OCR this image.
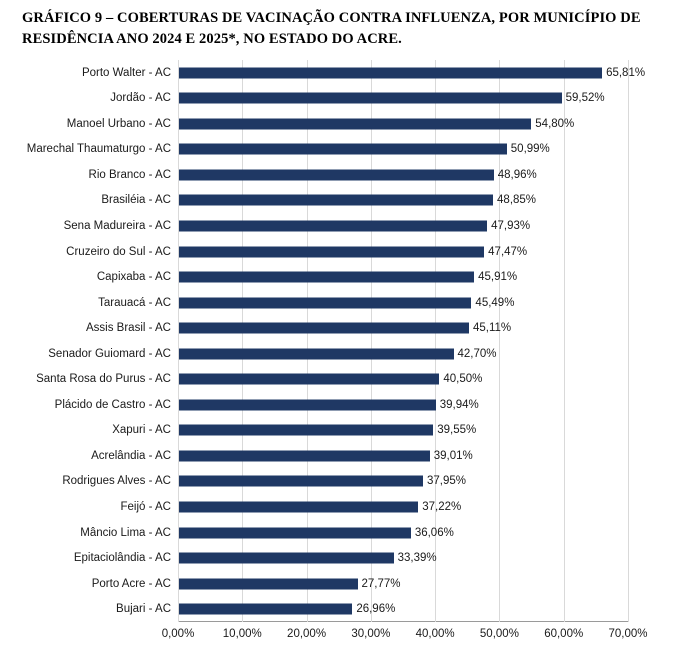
GRÁFICO 9 – COBERTURAS DE VACINAÇÃO CONTRA INFLUENZA, POR MUNICÍPIO DE RESIDÊNCIA ANO 2024 E 2025*, NO ESTADO DO ACRE.
0,00% 10,00% 20,00% 30,00% 40,00% 50,00% 60,00% 70,00%
Porto Walter - AC	65,81%
Jordão - AC	59,52%
Manoel Urbano - AC	54,80%
Marechal Thaumaturgo - AC	50,99%
Rio Branco - AC	48,96%
Brasiléia - AC	48,85%
Sena Madureira - AC	47,93%
Cruzeiro do Sul - AC	47,47%
Capixaba - AC	45,91%
Tarauacá - AC	45,49%
Assis Brasil - AC	45,11%
Senador Guiomard - AC	42,70%
Santa Rosa do Purus - AC	40,50%
Plácido de Castro - AC	39,94%
Xapuri - AC	39,55%
Acrelândia - AC	39,01%
Rodrigues Alves - AC	37,95%
Feijó - AC	37,22%
Mâncio Lima - AC	36,06%
Epitaciolândia - AC	33,39%
Porto Acre - AC	27,77%
Bujari - AC	26,96%
